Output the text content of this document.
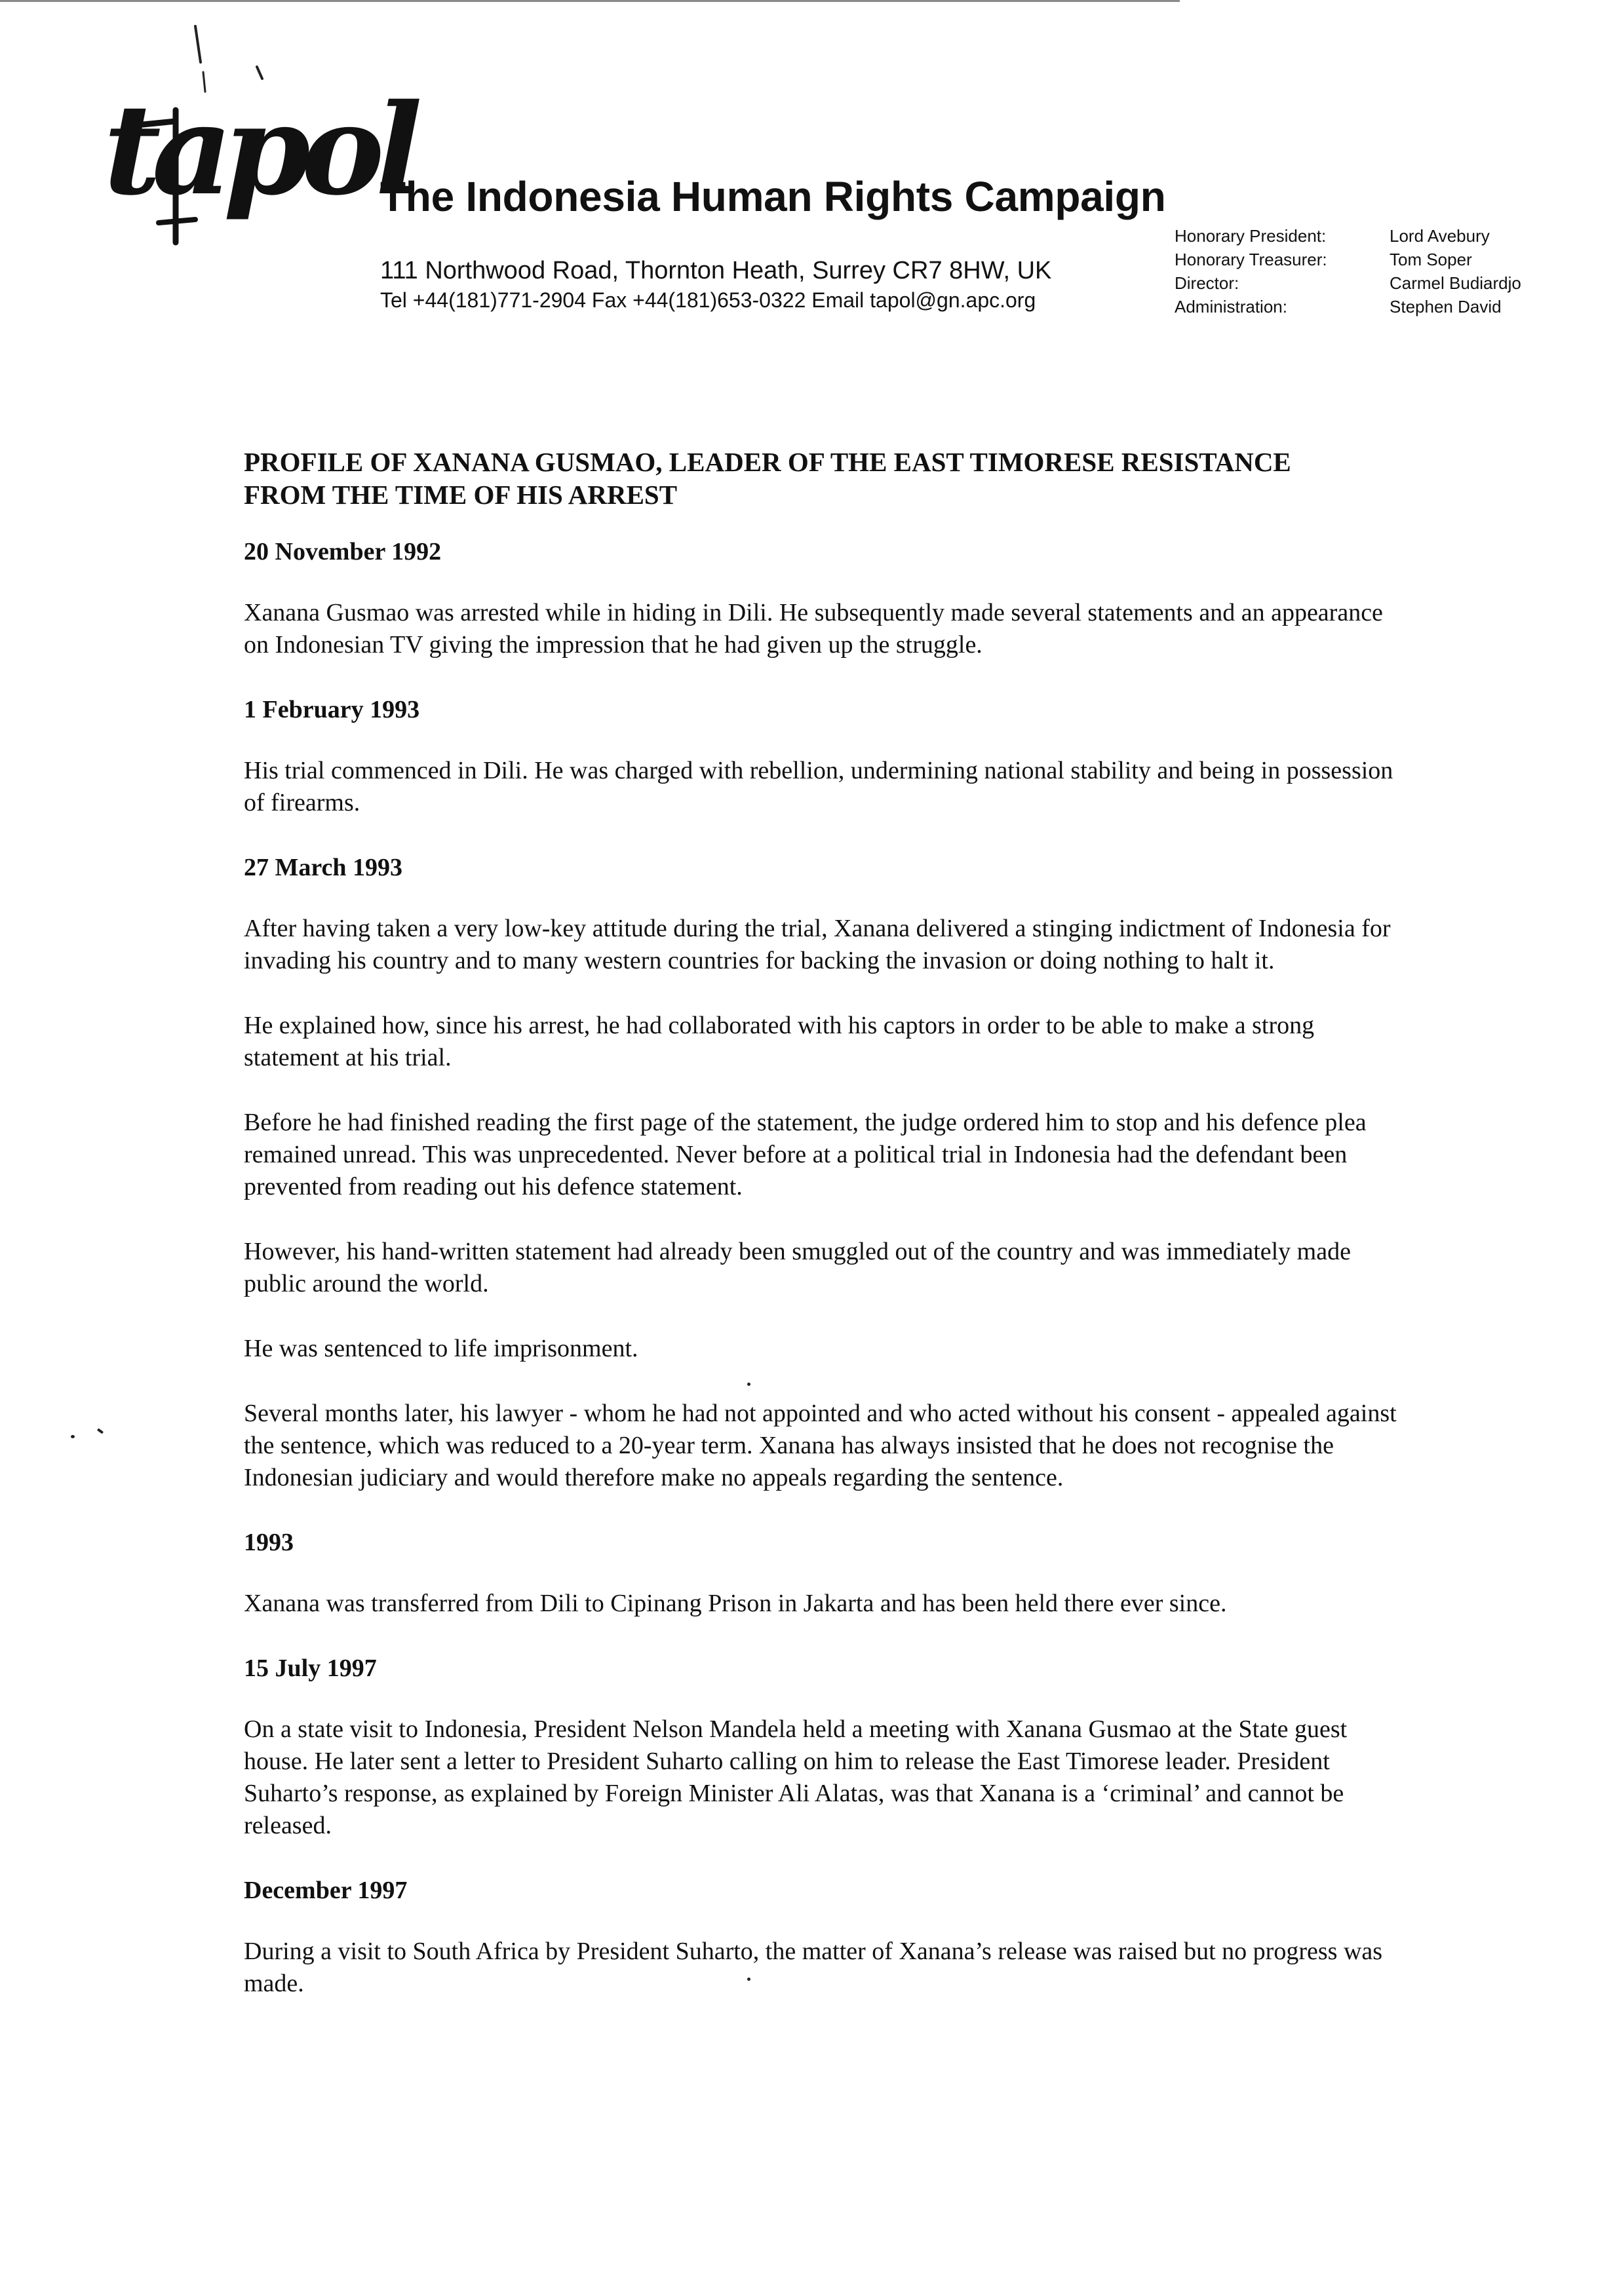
tapol
The Indonesia Human Rights Campaign
111 Northwood Road, Thornton Heath, Surrey CR7 8HW, UK
Tel +44(181)771-2904 Fax +44(181)653-0322 Email tapol@gn.apc.org
Honorary President:
Honorary Treasurer:
Director:
Administration:
Lord Avebury
Tom Soper
Carmel Budiardjo
Stephen David
PROFILE OF XANANA GUSMAO, LEADER OF THE EAST TIMORESE RESISTANCE
FROM THE TIME OF HIS ARREST
20 November 1992
Xanana Gusmao was arrested while in hiding in Dili. He subsequently made several statements and an appearance on Indonesian TV giving the impression that he had given up the struggle.
1 February 1993
His trial commenced in Dili. He was charged with rebellion, undermining national stability and being in possession of firearms.
27 March 1993
After having taken a very low-key attitude during the trial, Xanana delivered a stinging indictment of Indonesia for invading his country and to many western countries for backing the invasion or doing nothing to halt it.
He explained how, since his arrest, he had collaborated with his captors in order to be able to make a strong statement at his trial.
Before he had finished reading the first page of the statement, the judge ordered him to stop and his defence plea remained unread. This was unprecedented. Never before at a political trial in Indonesia had the defendant been prevented from reading out his defence statement.
However, his hand-written statement had already been smuggled out of the country and was immediately made public around the world.
He was sentenced to life imprisonment.
Several months later, his lawyer - whom he had not appointed and who acted without his consent - appealed against the sentence, which was reduced to a 20-year term. Xanana has always insisted that he does not recognise the Indonesian judiciary and would therefore make no appeals regarding the sentence.
1993
Xanana was transferred from Dili to Cipinang Prison in Jakarta and has been held there ever since.
15 July 1997
On a state visit to Indonesia, President Nelson Mandela held a meeting with Xanana Gusmao at the State guest house. He later sent a letter to President Suharto calling on him to release the East Timorese leader. President Suharto’s response, as explained by Foreign Minister Ali Alatas, was that Xanana is a ‘criminal’ and cannot be released.
December 1997
During a visit to South Africa by President Suharto, the matter of Xanana’s release was raised but no progress was made.
